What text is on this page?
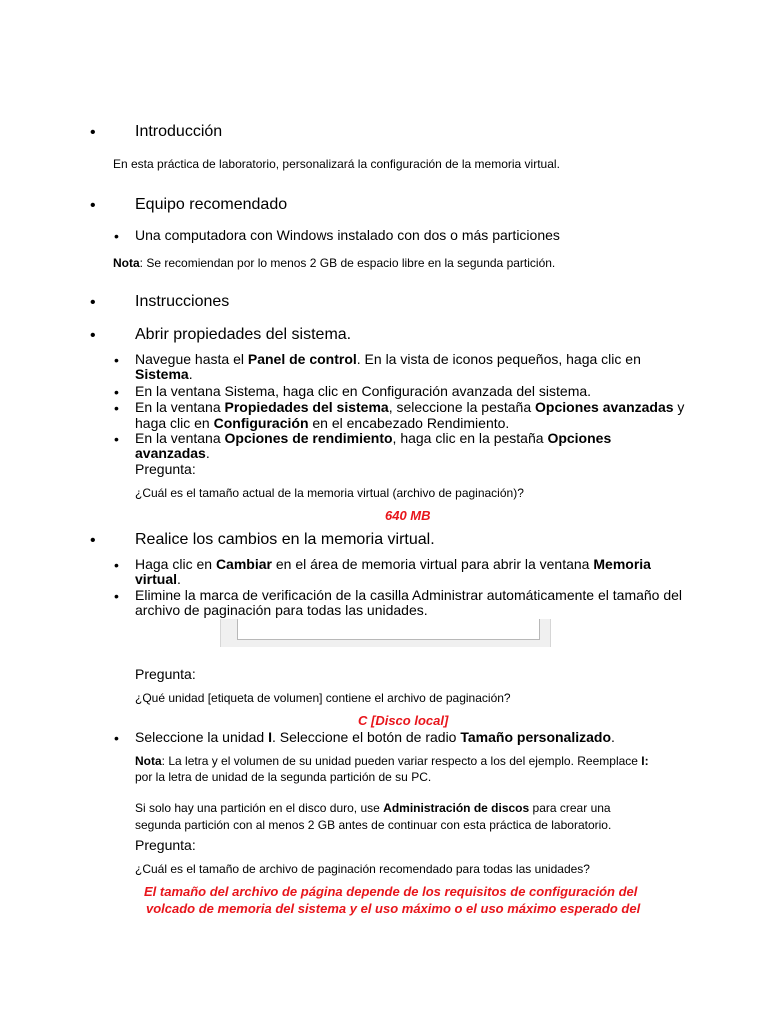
• Introducción
En esta práctica de laboratorio, personalizará la configuración de la memoria virtual.
• Equipo recomendado
• Una computadora con Windows instalado con dos o más particiones
Nota: Se recomiendan por lo menos 2 GB de espacio libre en la segunda partición.
• Instrucciones
• Abrir propiedades del sistema.
• Navegue hasta el Panel de control. En la vista de iconos pequeños, haga clic en
Sistema.
• En la ventana Sistema, haga clic en Configuración avanzada del sistema.
• En la ventana Propiedades del sistema, seleccione la pestaña Opciones avanzadas y
haga clic en Configuración en el encabezado Rendimiento.
• En la ventana Opciones de rendimiento, haga clic en la pestaña Opciones
avanzadas.
Pregunta:
¿Cuál es el tamaño actual de la memoria virtual (archivo de paginación)?
640 MB
• Realice los cambios en la memoria virtual.
• Haga clic en Cambiar en el área de memoria virtual para abrir la ventana Memoria
virtual.
• Elimine la marca de verificación de la casilla Administrar automáticamente el tamaño del
archivo de paginación para todas las unidades.
Pregunta:
¿Qué unidad [etiqueta de volumen] contiene el archivo de paginación?
C [Disco local]
• Seleccione la unidad I. Seleccione el botón de radio Tamaño personalizado.
Nota: La letra y el volumen de su unidad pueden variar respecto a los del ejemplo. Reemplace I:
por la letra de unidad de la segunda partición de su PC.
Si solo hay una partición en el disco duro, use Administración de discos para crear una
segunda partición con al menos 2 GB antes de continuar con esta práctica de laboratorio.
Pregunta:
¿Cuál es el tamaño de archivo de paginación recomendado para todas las unidades?
El tamaño del archivo de página depende de los requisitos de configuración del
volcado de memoria del sistema y el uso máximo o el uso máximo esperado del
